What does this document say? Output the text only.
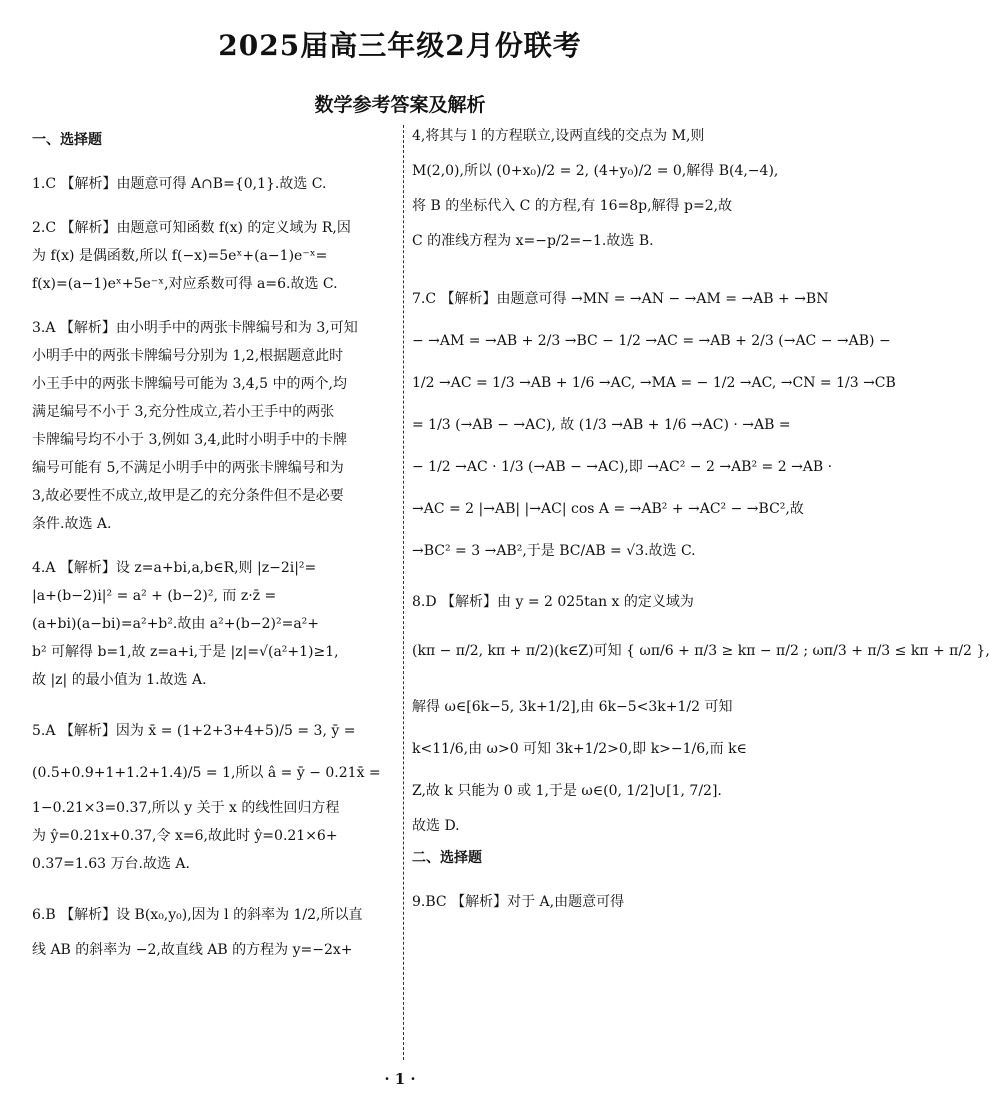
2025届高三年级2月份联考
数学参考答案及解析

一、选择题

1.C 【解析】由题意可得 A∩B={0,1}.故选 C.

2.C 【解析】由题意可知函数 f(x) 的定义域为 R,因

为 f(x) 是偶函数,所以 f(−x)=5eˣ+(a−1)e⁻ˣ=

f(x)=(a−1)eˣ+5e⁻ˣ,对应系数可得 a=6.故选 C.

3.A 【解析】由小明手中的两张卡牌编号和为 3,可知

小明手中的两张卡牌编号分别为 1,2,根据题意此时

小王手中的两张卡牌编号可能为 3,4,5 中的两个,均

满足编号不小于 3,充分性成立,若小王手中的两张

卡牌编号均不小于 3,例如 3,4,此时小明手中的卡牌

编号可能有 5,不满足小明手中的两张卡牌编号和为

3,故必要性不成立,故甲是乙的充分条件但不是必要

条件.故选 A.

4.A 【解析】设 z=a+bi,a,b∈R,则 |z−2i|²=

|a+(b−2)i|² = a² + (b−2)², 而 z·z̄ =

(a+bi)(a−bi)=a²+b².故由 a²+(b−2)²=a²+

b² 可解得 b=1,故 z=a+i,于是 |z|=√(a²+1)≥1,

故 |z| 的最小值为 1.故选 A.

5.A 【解析】因为 x̄ = (1+2+3+4+5)/5 = 3, ȳ =

(0.5+0.9+1+1.2+1.4)/5 = 1,所以 â = ȳ − 0.21x̄ =

1−0.21×3=0.37,所以 y 关于 x 的线性回归方程

为 ŷ=0.21x+0.37,令 x=6,故此时 ŷ=0.21×6+

0.37=1.63 万台.故选 A.

6.B 【解析】设 B(x₀,y₀),因为 l 的斜率为 1/2,所以直

线 AB 的斜率为 −2,故直线 AB 的方程为 y=−2x+

4,将其与 l 的方程联立,设两直线的交点为 M,则

M(2,0),所以 (0+x₀)/2 = 2, (4+y₀)/2 = 0,解得 B(4,−4),

将 B 的坐标代入 C 的方程,有 16=8p,解得 p=2,故

C 的准线方程为 x=−p/2=−1.故选 B.

7.C 【解析】由题意可得 →MN = →AN − →AM = →AB + →BN

− →AM = →AB + 2/3 →BC − 1/2 →AC = →AB + 2/3 (→AC − →AB) −

1/2 →AC = 1/3 →AB + 1/6 →AC, →MA = − 1/2 →AC, →CN = 1/3 →CB

= 1/3 (→AB − →AC), 故 (1/3 →AB + 1/6 →AC) · →AB =

− 1/2 →AC · 1/3 (→AB − →AC),即 →AC² − 2 →AB² = 2 →AB ·

→AC = 2 |→AB| |→AC| cos A = →AB² + →AC² − →BC²,故

→BC² = 3 →AB²,于是 BC/AB = √3.故选 C.

8.D 【解析】由 y = 2 025tan x 的定义域为

(kπ − π/2, kπ + π/2)(k∈Z)可知 { ωπ/6 + π/3 ≥ kπ − π/2 ; ωπ/3 + π/3 ≤ kπ + π/2 },

解得 ω∈[6k−5, 3k+1/2],由 6k−5<3k+1/2 可知

k<11/6,由 ω>0 可知 3k+1/2>0,即 k>−1/6,而 k∈

Z,故 k 只能为 0 或 1,于是 ω∈(0, 1/2]∪[1, 7/2].

故选 D.

二、选择题

9.BC 【解析】对于 A,由题意可得

· 1 ·
